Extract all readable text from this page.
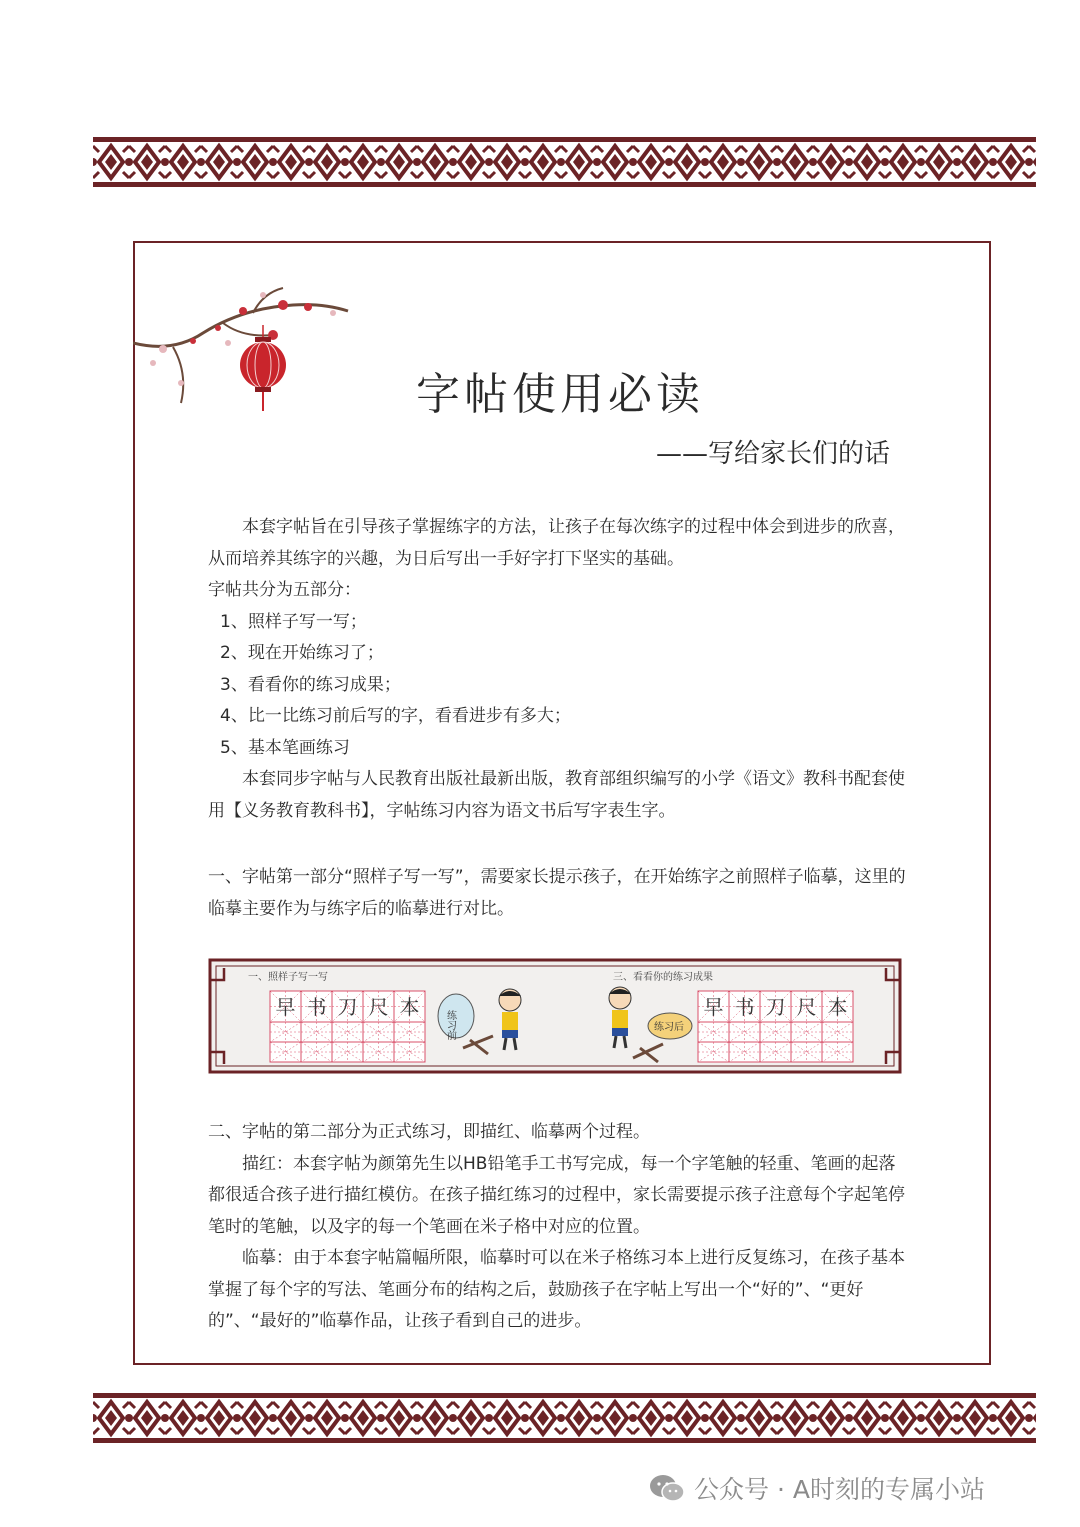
字帖使用必读
——写给家长们的话

本套字帖旨在引导孩子掌握练字的方法，让孩子在每次练字的过程中体会到进步的欣喜，从而培养其练字的兴趣，为日后写出一手好字打下坚实的基础。

字帖共分为五部分：

1、照样子写一写；

2、现在开始练习了；

3、看看你的练习成果；

4、比一比练习前后写的字，看看进步有多大；

5、基本笔画练习

本套同步字帖与人民教育出版社最新出版，教育部组织编写的小学《语文》教科书配套使用【义务教育教科书】，字帖练习内容为语文书后写字表生字。

一、字帖第一部分“照样子写一写”，需要家长提示孩子，在开始练字之前照样子临摹，这里的临摹主要作为与练字后的临摹进行对比。

一、照样子写一写	三、看看你的练习成果
早 书 刀 尺 本	早 书 刀 尺 本
练习前	练习后

二、字帖的第二部分为正式练习，即描红、临摹两个过程。

描红：本套字帖为颜第先生以HB铅笔手工书写完成，每一个字笔触的轻重、笔画的起落都很适合孩子进行描红模仿。在孩子描红练习的过程中，家长需要提示孩子注意每个字起笔停笔时的笔触，以及字的每一个笔画在米子格中对应的位置。

临摹：由于本套字帖篇幅所限，临摹时可以在米子格练习本上进行反复练习，在孩子基本掌握了每个字的写法、笔画分布的结构之后，鼓励孩子在字帖上写出一个“好的”、“更好的”、“最好的”临摹作品，让孩子看到自己的进步。

公众号 · A时刻的专属小站
